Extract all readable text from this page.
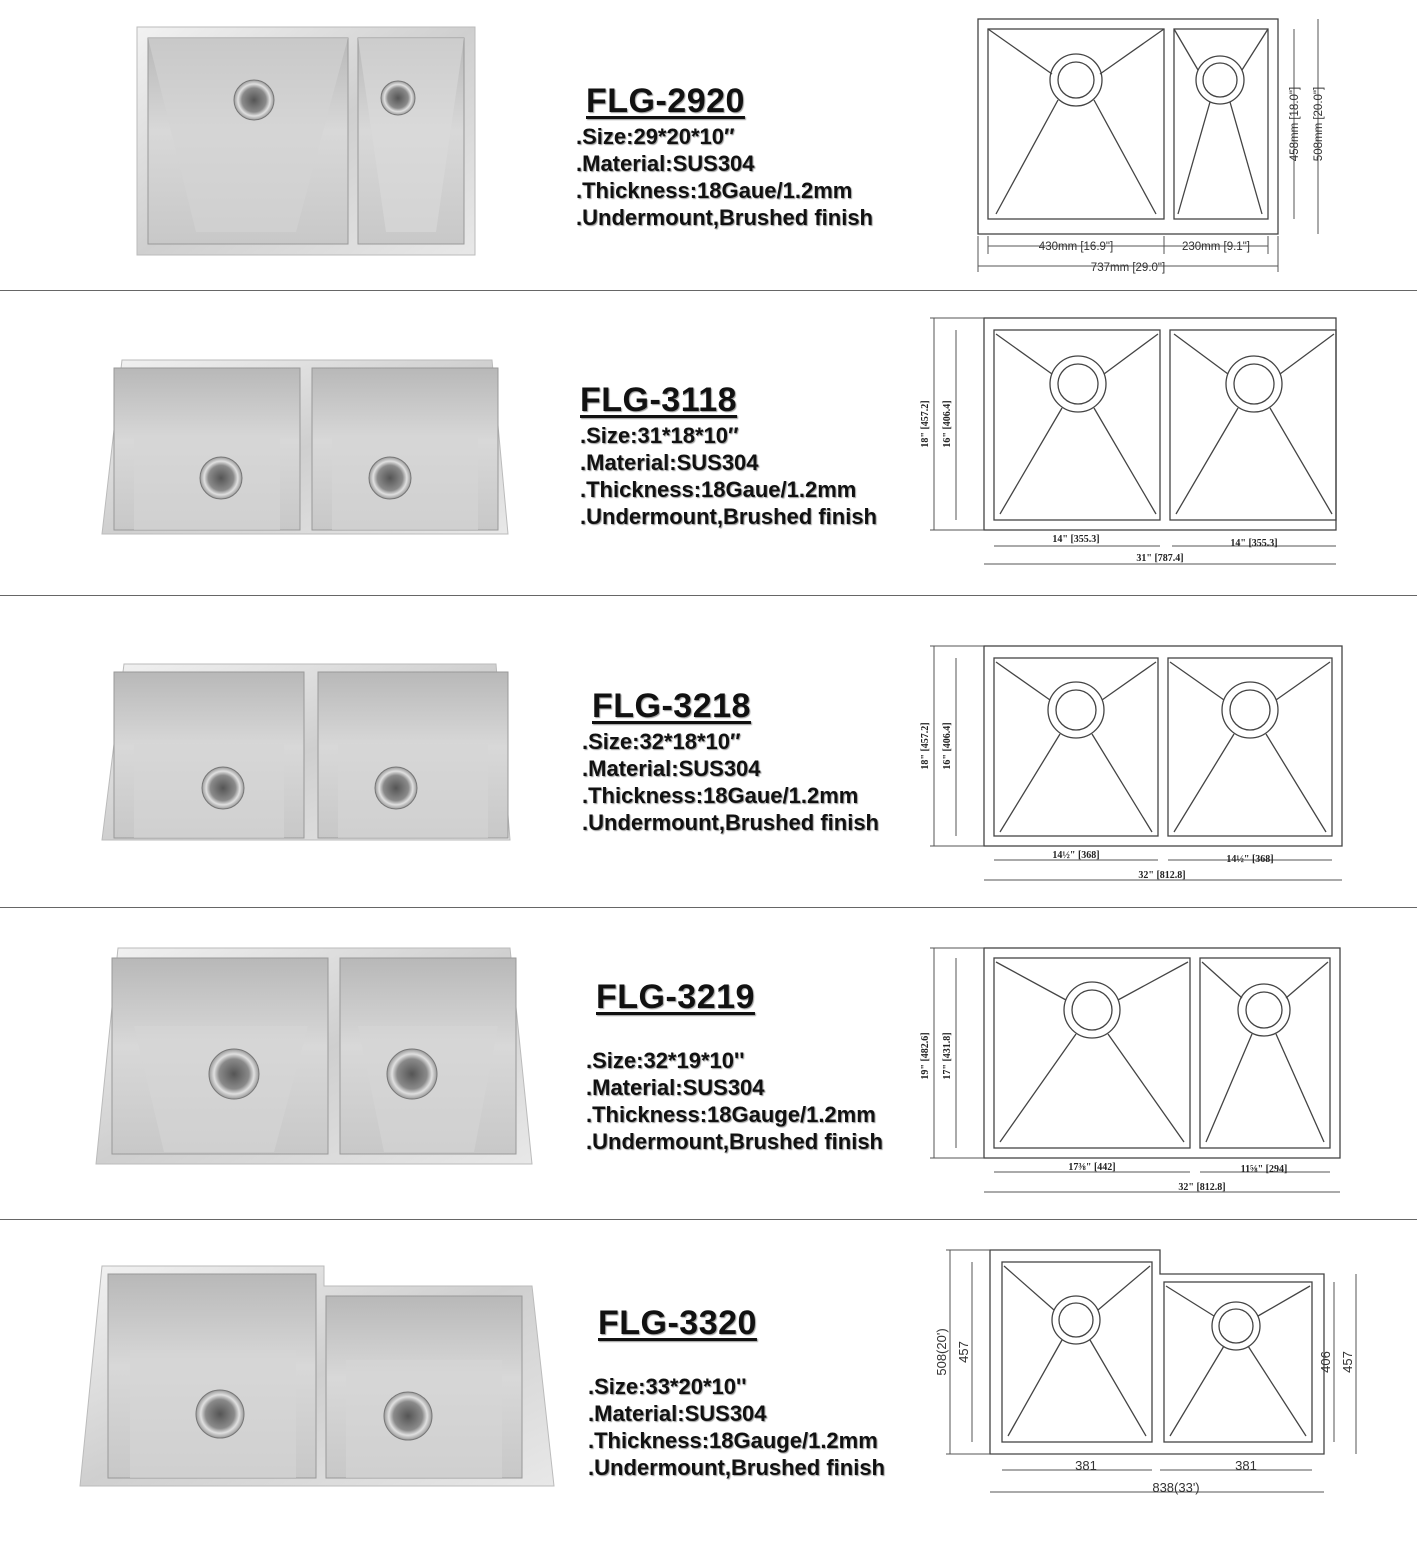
FLG-2920
.Size:29*20*10″
.Material:SUS304
.Thickness:18Gaue/1.2mm
.Undermount,Brushed finish
430mm [16.9"]	230mm [9.1"]
737mm [29.0"]
458mm [18.0"] 508mm [20.0"]
FLG-3118
.Size:31*18*10″
.Material:SUS304
.Thickness:18Gaue/1.2mm
.Undermount,Brushed finish
14" [355.3]	14" [355.3]
31" [787.4]
18" [457.2] 16" [406.4]
FLG-3218
.Size:32*18*10″
.Material:SUS304
.Thickness:18Gaue/1.2mm
.Undermount,Brushed finish
14½" [368]	14½" [368]
32" [812.8]
18" [457.2] 16" [406.4]
FLG-3219
.Size:32*19*10''
.Material:SUS304
.Thickness:18Gauge/1.2mm
.Undermount,Brushed finish
17⅜" [442]	11⅝" [294]
32" [812.8]
19" [482.6] 17" [431.8]
FLG-3320
.Size:33*20*10''
.Material:SUS304
.Thickness:18Gauge/1.2mm
.Undermount,Brushed finish	381	381
838(33')
508(20') 457	406 457
